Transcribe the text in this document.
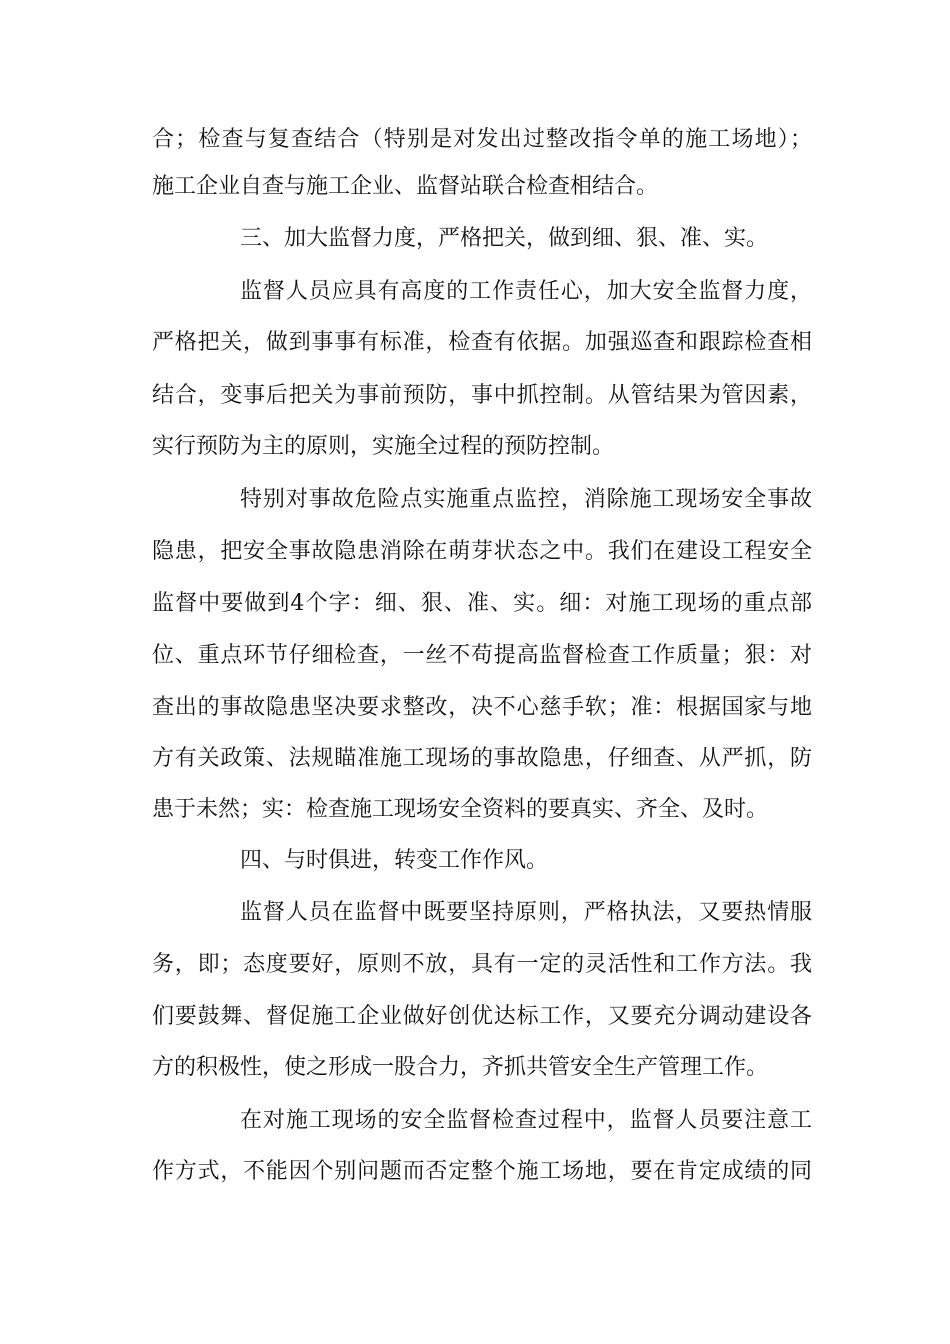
合；检查与复查结合（特别是对发出过整改指令单的施工场地）；
施工企业自查与施工企业、监督站联合检查相结合。
三、加大监督力度，严格把关，做到细、狠、准、实。
监督人员应具有高度的工作责任心，加大安全监督力度，
严格把关，做到事事有标准，检查有依据。加强巡查和跟踪检查相
结合，变事后把关为事前预防，事中抓控制。从管结果为管因素，
实行预防为主的原则，实施全过程的预防控制。
特别对事故危险点实施重点监控，消除施工现场安全事故
隐患，把安全事故隐患消除在萌芽状态之中。我们在建设工程安全
监督中要做到4个字：细、狠、准、实。细：对施工现场的重点部
位、重点环节仔细检查，一丝不苟提高监督检查工作质量；狠：对
查出的事故隐患坚决要求整改，决不心慈手软；准：根据国家与地
方有关政策、法规瞄准施工现场的事故隐患，仔细查、从严抓，防
患于未然；实：检查施工现场安全资料的要真实、齐全、及时。
四、与时俱进，转变工作作风。
监督人员在监督中既要坚持原则，严格执法，又要热情服
务，即；态度要好，原则不放，具有一定的灵活性和工作方法。我
们要鼓舞、督促施工企业做好创优达标工作，又要充分调动建设各
方的积极性，使之形成一股合力，齐抓共管安全生产管理工作。
在对施工现场的安全监督检查过程中，监督人员要注意工
作方式，不能因个别问题而否定整个施工场地，要在肯定成绩的同
